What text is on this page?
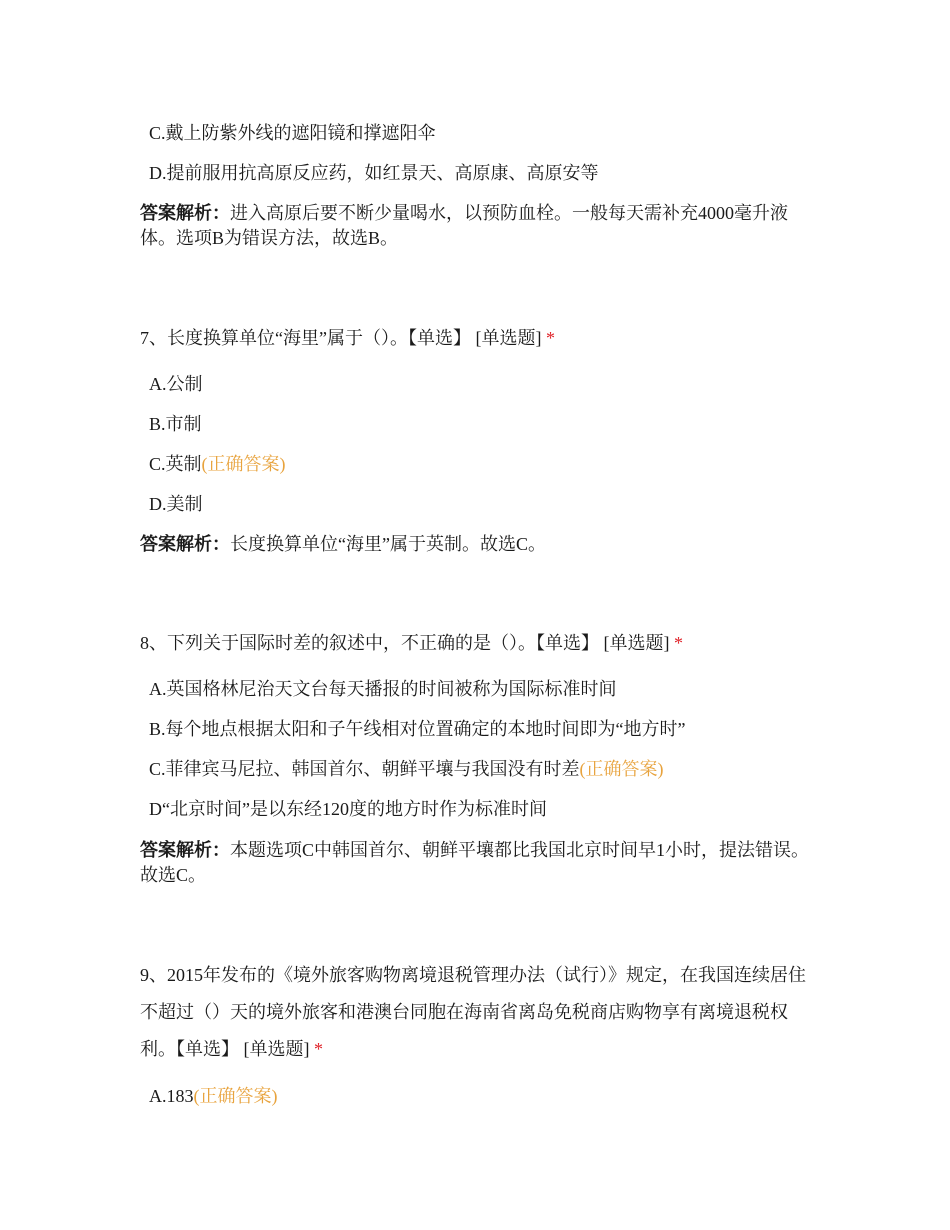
C.戴上防紫外线的遮阳镜和撑遮阳伞
D.提前服用抗高原反应药，如红景天、高原康、高原安等
答案解析：进入高原后要不断少量喝水，以预防血栓。一般每天需补充4000毫升液体。选项B为错误方法，故选B。
7、长度换算单位“海里”属于（）。【单选】 [单选题] *
A.公制
B.市制
C.英制(正确答案)
D.美制
答案解析：长度换算单位“海里”属于英制。故选C。
8、下列关于国际时差的叙述中，不正确的是（）。【单选】 [单选题] *
A.英国格林尼治天文台每天播报的时间被称为国际标准时间
B.每个地点根据太阳和子午线相对位置确定的本地时间即为“地方时”
C.菲律宾马尼拉、韩国首尔、朝鲜平壤与我国没有时差(正确答案)
D“北京时间”是以东经120度的地方时作为标准时间
答案解析：本题选项C中韩国首尔、朝鲜平壤都比我国北京时间早1小时，提法错误。故选C。
9、2015年发布的《境外旅客购物离境退税管理办法（试行）》规定，在我国连续居住不超过（）天的境外旅客和港澳台同胞在海南省离岛免税商店购物享有离境退税权利。【单选】 [单选题] *
A.183(正确答案)
